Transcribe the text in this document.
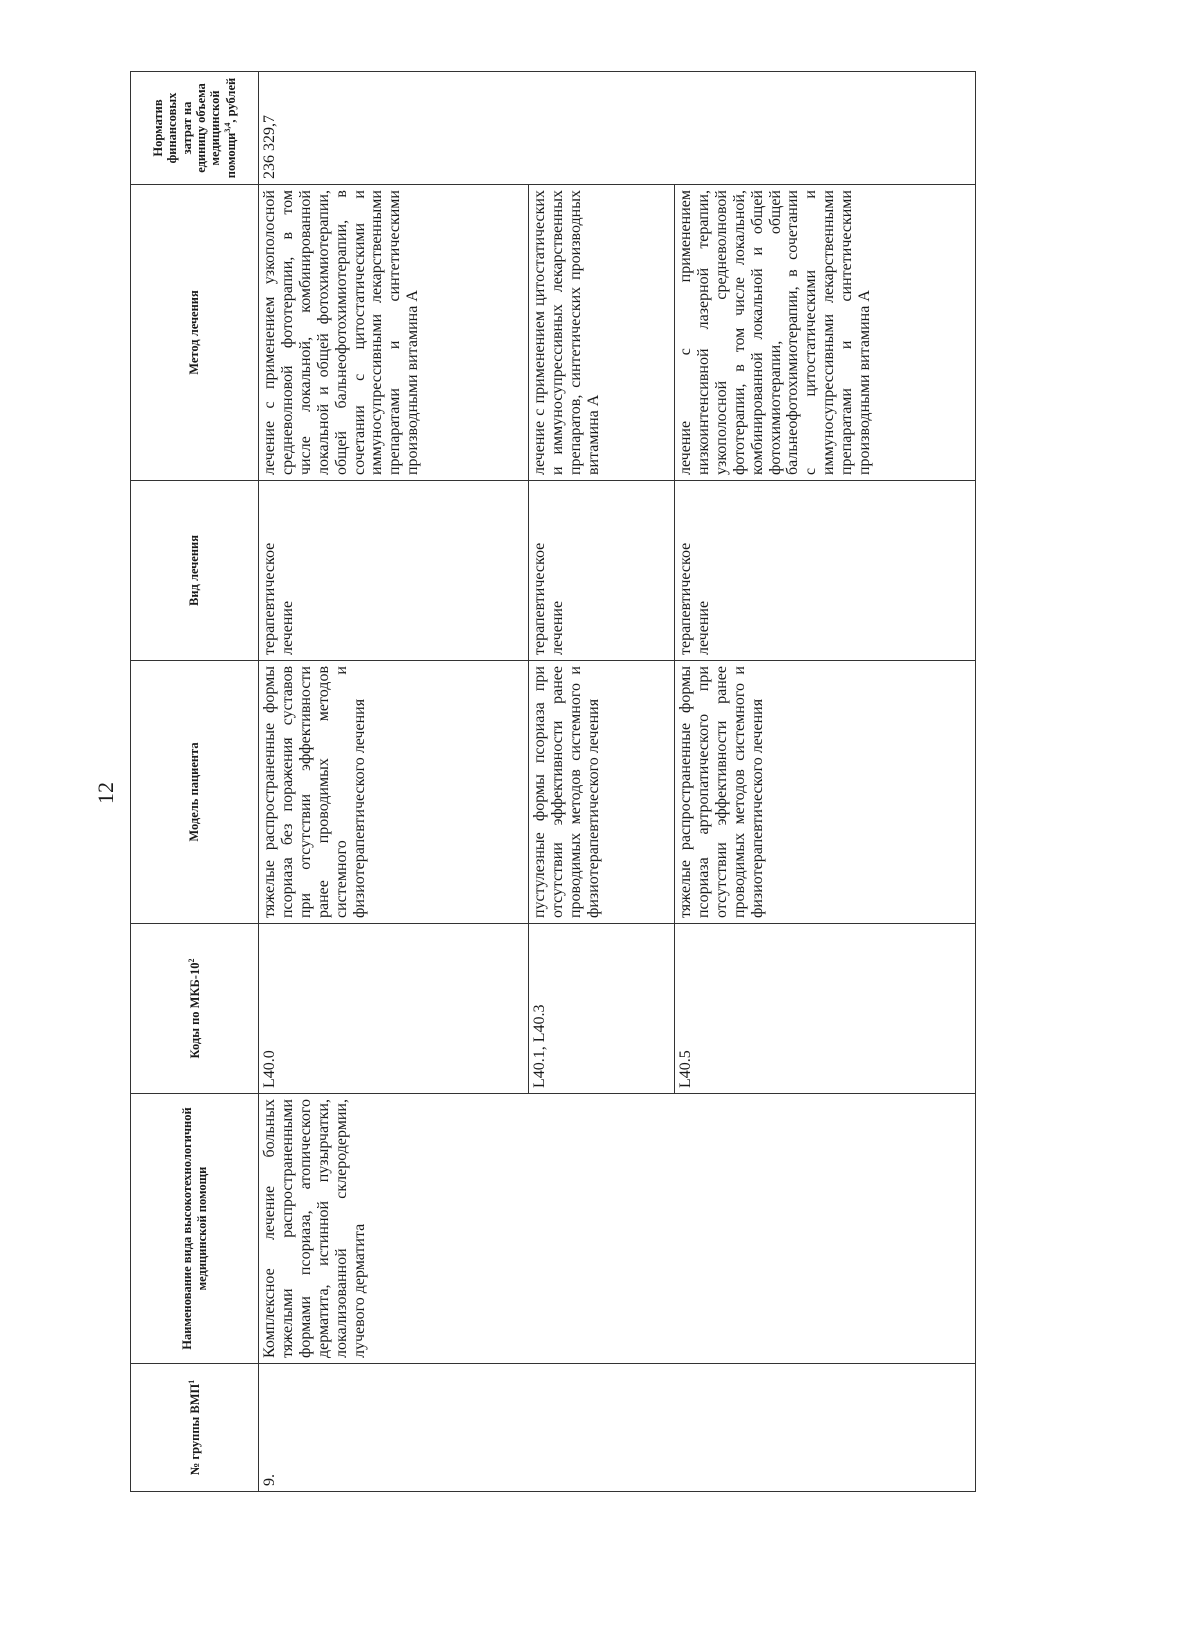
12
№ группы ВМП$^1$	Наименование вида высокотехнологичной медицинской помощи	Коды по МКБ-$10^2$	Модель пациента	Вид лечения	Метод лечения	Норматив финансовых затрат на единицу объема медицинской помощи$^{3,4}$, рублей
9.	Комплексное лечение больных тяжелыми распространенными формами псориаза, атопического дерматита, истинной пузырчатки, локализованной склеродермии, лучевого дерматита	L40.0	тяжелые распространенные формы псориаза без поражения суставов при отсутствии эффективности ранее проводимых методов системного и физиотерапевтического лечения	терапевтическое лечение	лечение с применением узкополосной средневолновой фототерапии, в том числе локальной, комбинированной локальной и общей фотохимиотерапии, общей бальнеофотохимиотерапии, в сочетании с цитостатическими и иммуносупрессивными лекарственными препаратами и синтетическими производными витамина А	236 329,7
		L40.1, L40.3	пустулезные формы псориаза при отсутствии эффективности ранее проводимых методов системного и физиотерапевтического лечения	терапевтическое лечение	лечение с применением цитостатических и иммуносупрессивных лекарственных препаратов, синтетических производных витамина А	
		L40.5	тяжелые распространенные формы псориаза артропатического при отсутствии эффективности ранее проводимых методов системного и физиотерапевтического лечения	терапевтическое лечение	лечение с применением низкоинтенсивной лазерной терапии, узкополосной средневолновой фототерапии, в том числе локальной, комбинированной локальной и общей фотохимиотерапии, общей бальнеофотохимиотерапии, в сочетании с цитостатическими и иммуносупрессивными лекарственными препаратами и синтетическими производными витамина А	
